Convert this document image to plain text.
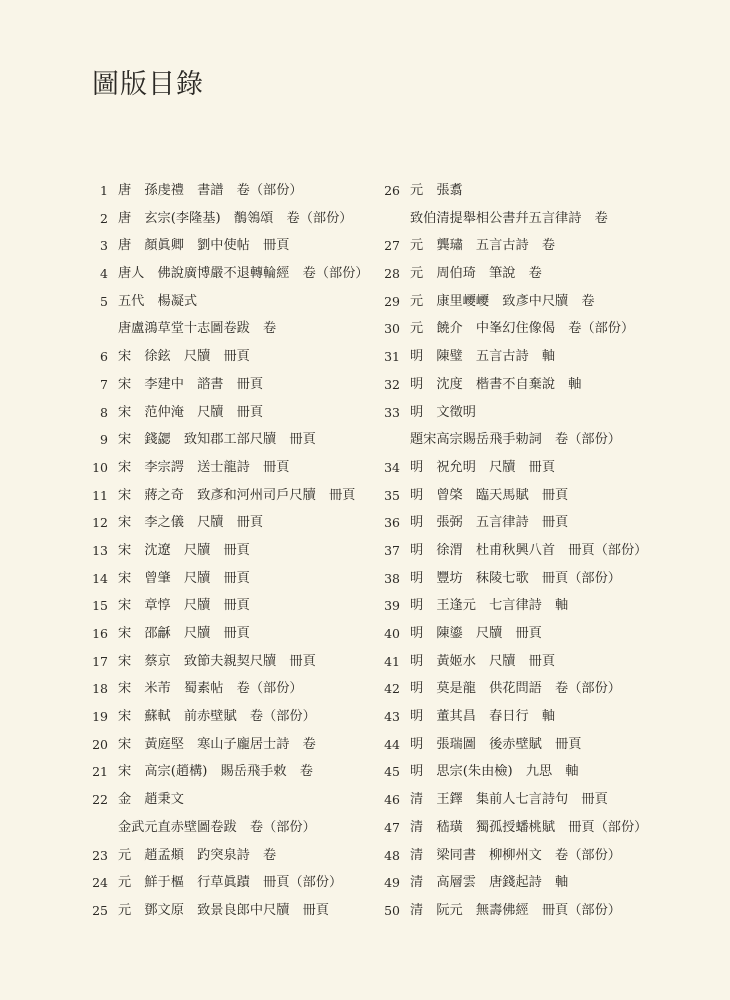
圖版目錄
1 唐　孫虔禮　書譜　卷（部份）
2 唐　玄宗(李隆基)　鶺鴒頌　卷（部份）
3 唐　顏眞卿　劉中使帖　冊頁
4 唐人　佛說廣博嚴不退轉輪經　卷（部份）
5 五代　楊凝式
唐盧鴻草堂十志圖卷跋　卷
6 宋　徐鉉　尺牘　冊頁
7 宋　李建中　諮書　冊頁
8 宋　范仲淹　尺牘　冊頁
9 宋　錢勰　致知郡工部尺牘　冊頁
10 宋　李宗諤　送士龍詩　冊頁
11 宋　蔣之奇　致彥和河州司戶尺牘　冊頁
12 宋　李之儀　尺牘　冊頁
13 宋　沈遼　尺牘　冊頁
14 宋　曾肇　尺牘　冊頁
15 宋　章惇　尺牘　冊頁
16 宋　邵龢　尺牘　冊頁
17 宋　蔡京　致節夫親契尺牘　冊頁
18 宋　米芾　蜀素帖　卷（部份）
19 宋　蘇軾　前赤壁賦　卷（部份）
20 宋　黃庭堅　寒山子龐居士詩　卷
21 宋　高宗(趙構)　賜岳飛手敕　卷
22 金　趙秉文
金武元直赤壁圖卷跋　卷（部份）
23 元　趙孟頫　趵突泉詩　卷
24 元　鮮于樞　行草眞蹟　冊頁（部份）
25 元　鄧文原　致景良郎中尺牘　冊頁
26 元　張翥
致伯清提舉相公書幷五言律詩　卷
27 元　龔璛　五言古詩　卷
28 元　周伯琦　筆說　卷
29 元　康里巎巎　致彥中尺牘　卷
30 元　饒介　中峯幻住像偈　卷（部份）
31 明　陳璧　五言古詩　軸
32 明　沈度　楷書不自棄說　軸
33 明　文徵明
題宋高宗賜岳飛手勅詞　卷（部份）
34 明　祝允明　尺牘　冊頁
35 明　曾棨　臨天馬賦　冊頁
36 明　張弼　五言律詩　冊頁
37 明　徐渭　杜甫秋興八首　冊頁（部份）
38 明　豐坊　秣陵七歌　冊頁（部份）
39 明　王逢元　七言律詩　軸
40 明　陳鎏　尺牘　冊頁
41 明　黃姬水　尺牘　冊頁
42 明　莫是龍　供花問語　卷（部份）
43 明　董其昌　春日行　軸
44 明　張瑞圖　後赤壁賦　冊頁
45 明　思宗(朱由檢)　九思　軸
46 清　王鐸　集前人七言詩句　冊頁
47 清　嵇璜　獨孤授蟠桃賦　冊頁（部份）
48 清　梁同書　柳柳州文　卷（部份）
49 清　高層雲　唐錢起詩　軸
50 清　阮元　無壽佛經　冊頁（部份）
